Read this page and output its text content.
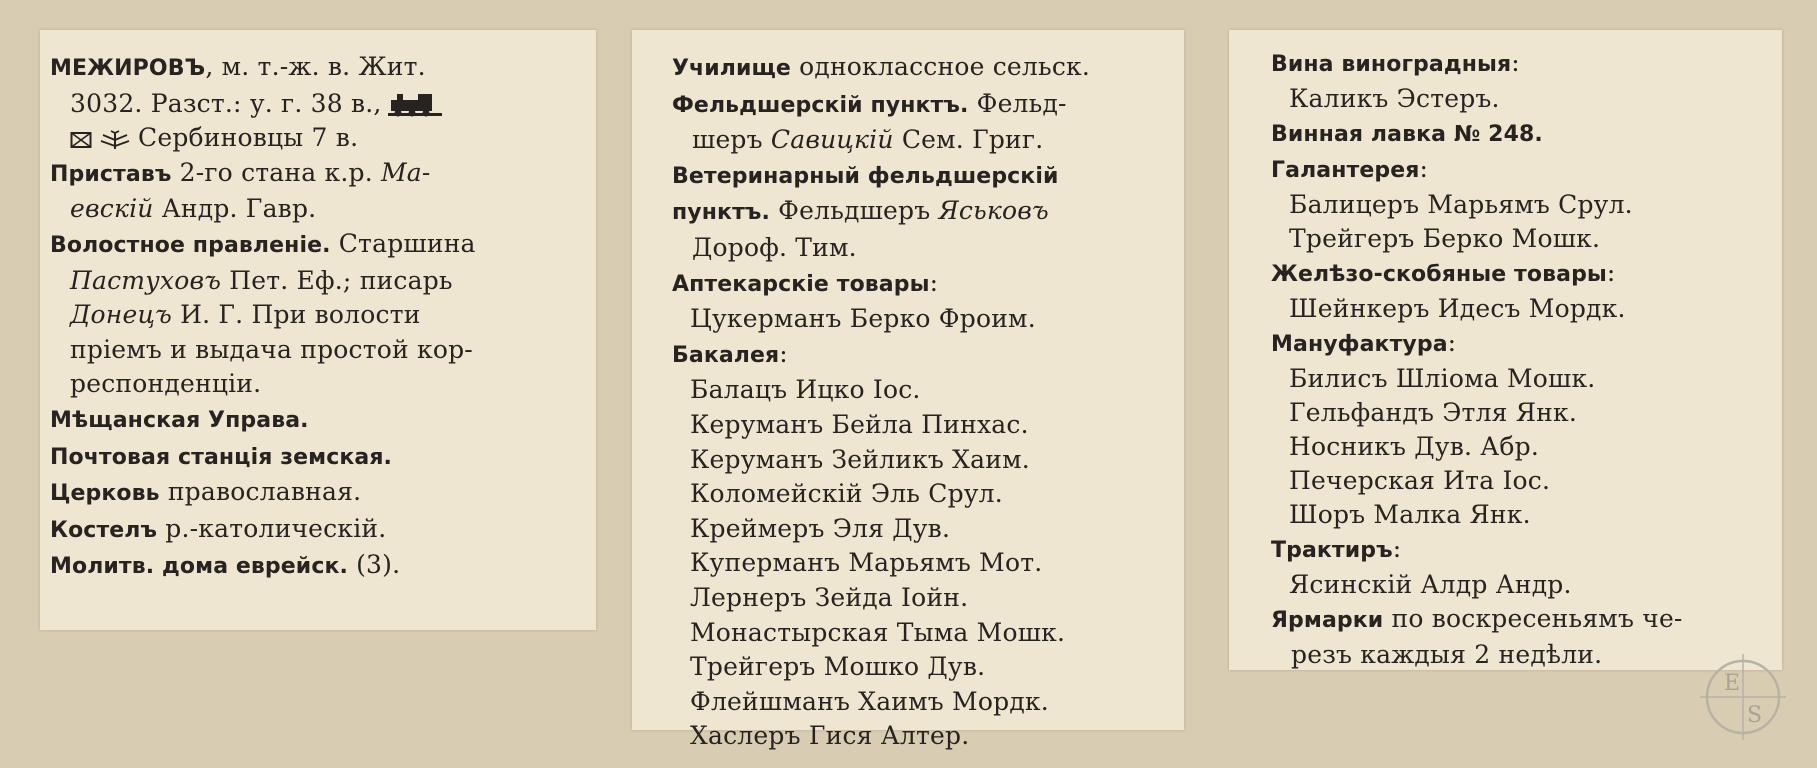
МЕЖИРОВЪ, м. т.-ж. в. Жит.
3032. Разст.: у. г. 38 в.,
Сербиновцы 7 в.
Приставъ 2-го стана к.р. Ма-
евскій Андр. Гавр.
Волостное правленіе. Старшина
Пастуховъ Пет. Еф.; писарь
Донецъ И. Г. При волости
пріемъ и выдача простой кор-
респонденціи.
Мѣщанская Управа.
Почтовая станція земская.
Церковь православная.
Костелъ р.-католическій.
Молитв. дома еврейск. (3).
Училище одноклассное сельск.
Фельдшерскій пунктъ. Фельд-
шеръ Савицкій Сем. Григ.
Ветеринарный фельдшерскій
пунктъ. Фельдшеръ Яськовъ
Дороф. Тим.
Аптекарскіе товары:
Цукерманъ Берко Фроим.
Бакалея:
Балацъ Ицко Іос.
Керуманъ Бейла Пинхас.
Керуманъ Зейликъ Хаим.
Коломейскій Эль Срул.
Креймеръ Эля Дув.
Куперманъ Марьямъ Мот.
Лернеръ Зейда Іойн.
Монастырская Тыма Мошк.
Трейгеръ Мошко Дув.
Флейшманъ Хаимъ Мордк.
Хаслеръ Гися Алтер.
Вина виноградныя:
Каликъ Эстеръ.
Винная лавка № 248.
Галантерея:
Балицеръ Марьямъ Срул.
Трейгеръ Берко Мошк.
Желѣзо-скобяные товары:
Шейнкеръ Идесъ Мордк.
Мануфактура:
Билисъ Шліома Мошк.
Гельфандъ Этля Янк.
Носникъ Дув. Абр.
Печерская Ита Іос.
Шоръ Малка Янк.
Трактиръ:
Ясинскій Алдр Андр.
Ярмарки по воскресеньямъ че-
резъ каждыя 2 недѣли.
E
S
